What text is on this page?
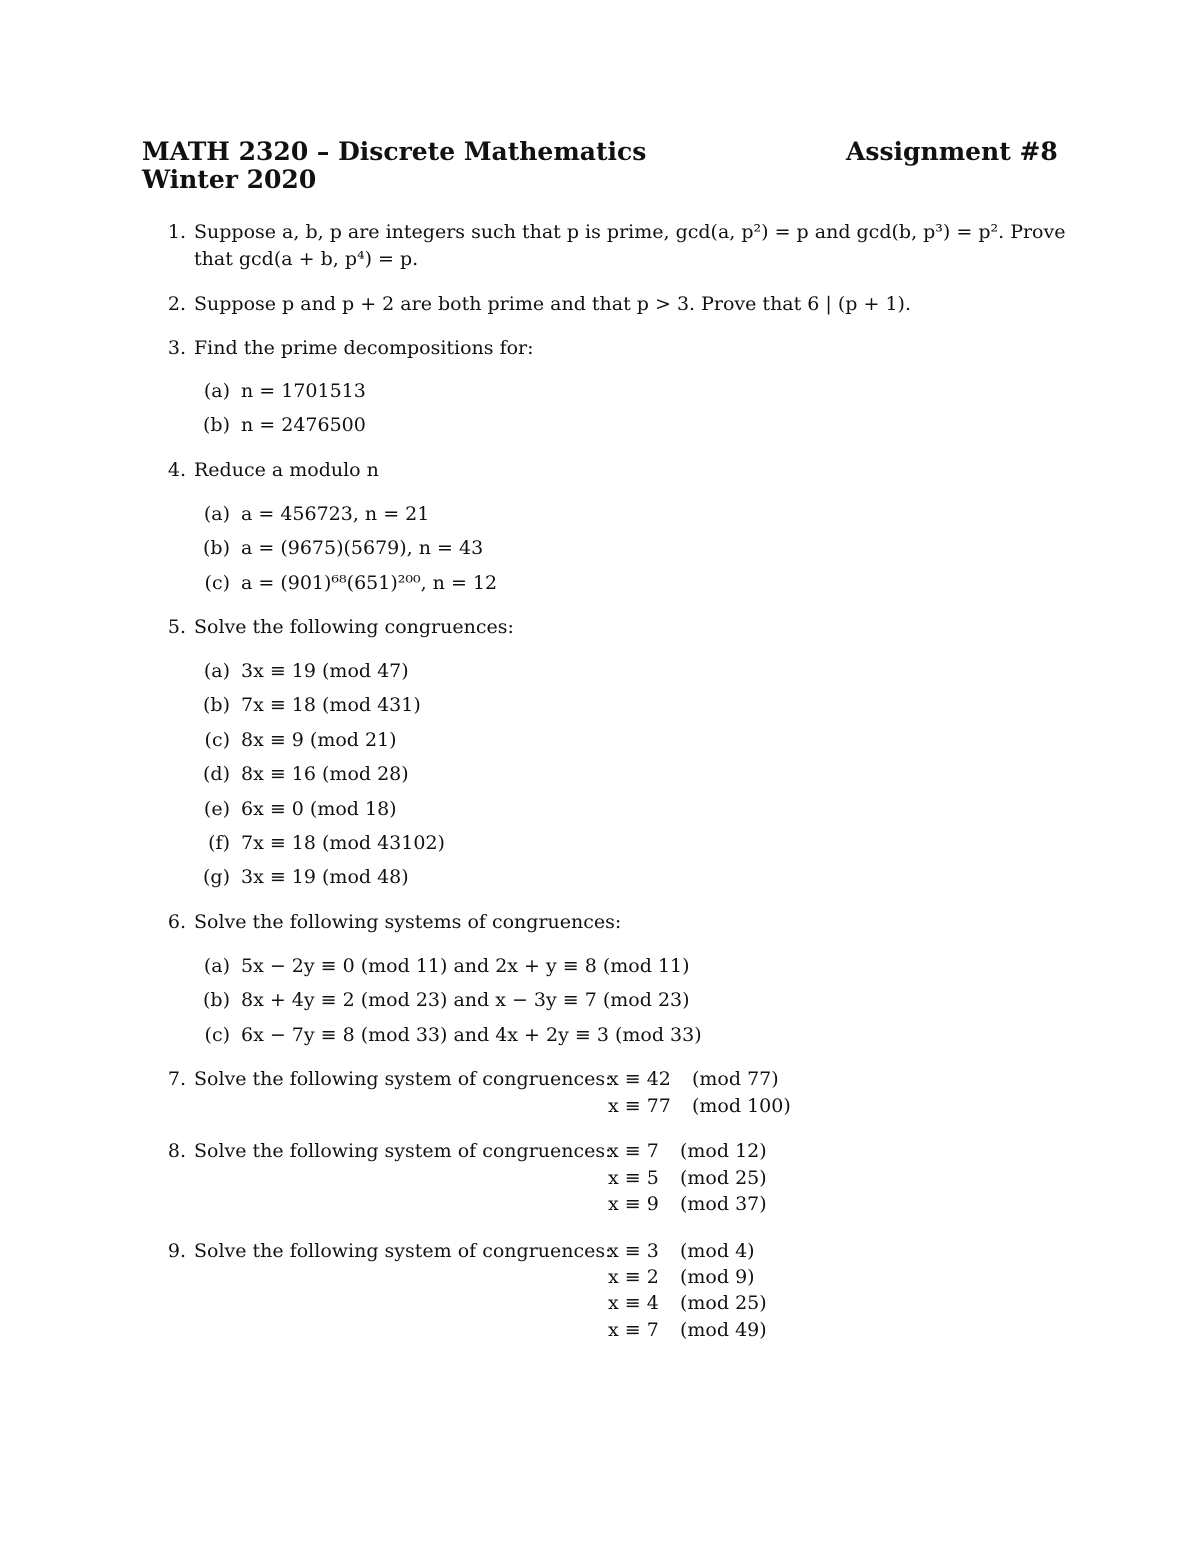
MATH 2320 – Discrete Mathematics	Assignment #8
Winter 2020
1. Suppose a, b, p are integers such that p is prime, gcd(a, p²) = p and gcd(b, p³) = p². Prove
that gcd(a + b, p⁴) = p.
2. Suppose p and p + 2 are both prime and that p > 3. Prove that 6 | (p + 1).
3. Find the prime decompositions for:
(a) n = 1701513
(b) n = 2476500
4. Reduce a modulo n
(a) a = 456723, n = 21
(b) a = (9675)(5679), n = 43
(c) a = (901)⁶⁸(651)²⁰⁰, n = 12
5. Solve the following congruences:
(a) 3x ≡ 19 (mod 47)
(b) 7x ≡ 18 (mod 431)
(c) 8x ≡ 9 (mod 21)
(d) 8x ≡ 16 (mod 28)
(e) 6x ≡ 0 (mod 18)
(f) 7x ≡ 18 (mod 43102)
(g) 3x ≡ 19 (mod 48)
6. Solve the following systems of congruences:
(a) 5x − 2y ≡ 0 (mod 11) and 2x + y ≡ 8 (mod 11)
(b) 8x + 4y ≡ 2 (mod 23) and x − 3y ≡ 7 (mod 23)
(c) 6x − 7y ≡ 8 (mod 33) and 4x + 2y ≡ 3 (mod 33)
7. Solve the following system of congruences:
x ≡ 42 (mod 77)
x ≡ 77 (mod 100)
8. Solve the following system of congruences:
x ≡ 7 (mod 12)
x ≡ 5 (mod 25)
x ≡ 9 (mod 37)
9. Solve the following system of congruences:
x ≡ 3 (mod 4)
x ≡ 2 (mod 9)
x ≡ 4 (mod 25)
x ≡ 7 (mod 49)
